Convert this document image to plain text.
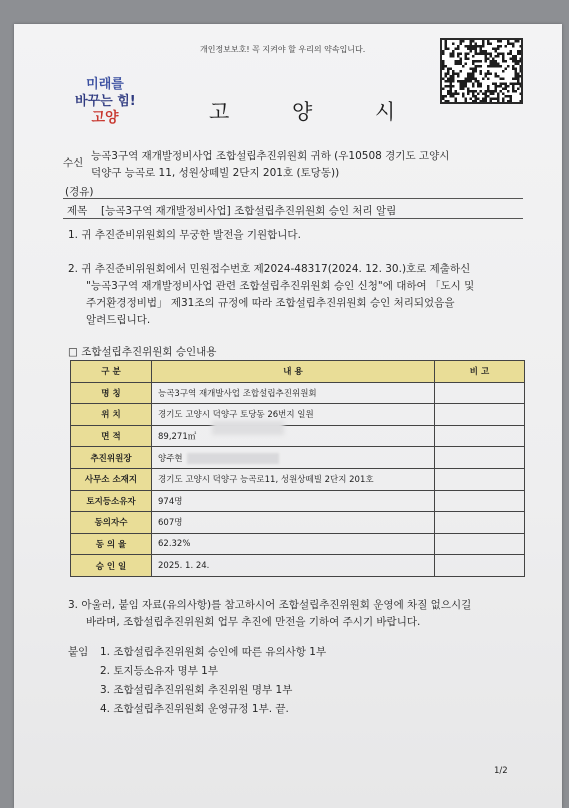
개인정보보호! 꼭 지켜야 할 우리의 약속입니다.
미래를
바꾸는 힘!
고양	고 양 시
수신
능곡3구역 재개발정비사업 조합설립추진위원회 귀하 (우10508 경기도 고양시
덕양구 능곡로 11, 성원상떼빌 2단지 201호 (토당동))
(경유)
제목 [능곡3구역 재개발정비사업] 조합설립추진위원회 승인 처리 알림
1. 귀 추진준비위원회의 무궁한 발전을 기원합니다.
2. 귀 추진준비위원회에서 민원접수번호 제2024-48317(2024. 12. 30.)호로 제출하신
"능곡3구역 재개발정비사업 관련 조합설립추진위원회 승인 신청"에 대하여 「도시 및
주거환경정비법」 제31조의 규정에 따라 조합설립추진위원회 승인 처리되었음을
알려드립니다.
□ 조합설립추진위원회 승인내용
구 분	내 용	비 고
명 칭	능곡3구역 재개발사업 조합설립추진위원회	
위 치	경기도 고양시 덕양구 토당동 26번지 일원	
면 적	89,271㎡	
추진위원장	양주현	
사무소 소재지	경기도 고양시 덕양구 능곡로11, 성원상떼빌 2단지 201호	
토지등소유자	974명	
동의자수	607명	
동 의 율	62.32%	
승 인 일	2025. 1. 24.	
3. 아울러, 붙임 자료(유의사항)를 참고하시어 조합설립추진위원회 운영에 차질 없으시길
바라며, 조합설립추진위원회 업무 추진에 만전을 기하여 주시기 바랍니다.
붙임 1. 조합설립추진위원회 승인에 따른 유의사항 1부
2. 토지등소유자 명부 1부
3. 조합설립추진위원회 추진위원 명부 1부
4. 조합설립추진위원회 운영규정 1부. 끝.
1/2
